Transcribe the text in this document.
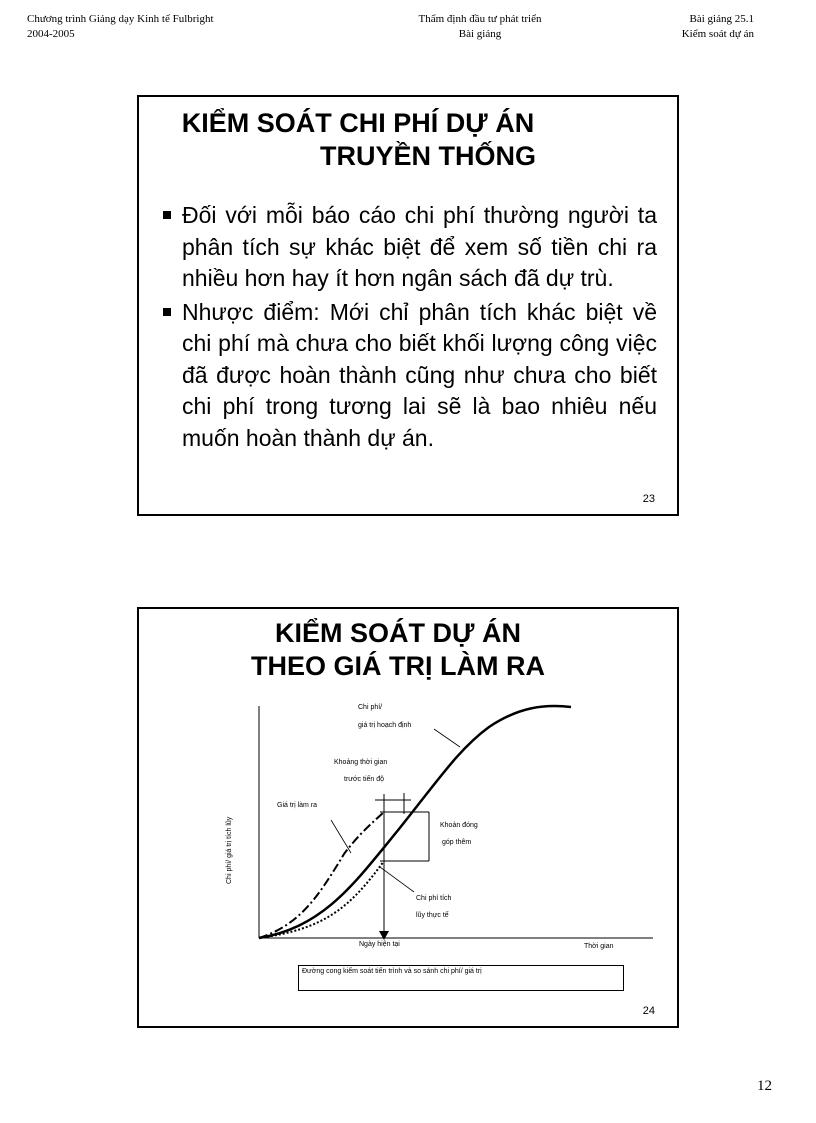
Chương trình Giảng dạy Kinh tế Fulbright
2004-2005
Thẩm định đầu tư phát triển
Bài giảng
Bài giảng 25.1
Kiểm soát dự án
KIỂM SOÁT CHI PHÍ DỰ ÁN
TRUYỀN THỐNG
Đối với mỗi báo cáo chi phí thường người ta phân tích sự khác biệt để xem số tiền chi ra nhiều hơn hay ít hơn ngân sách đã dự trù.
Nhược điểm: Mới chỉ phân tích khác biệt về chi phí mà chưa cho biết khối lượng công việc đã được hoàn thành cũng như chưa cho biết chi phí trong tương lai sẽ là bao nhiêu nếu muốn hoàn thành dự án.
23
KIỂM SOÁT DỰ ÁN
THEO GIÁ TRỊ LÀM RA
Chi phí/
giá trị hoạch định
Khoảng thời gian
trước tiến độ
Giá trị làm ra
Khoản đóng
góp thêm
Chi phí tích
lũy thực tế
Ngày hiện tại	Thời gian
Chi phí/ giá trị tích lũy
Đường cong kiểm soát tiến trình và so sánh chi phí/ giá trị
24
12
